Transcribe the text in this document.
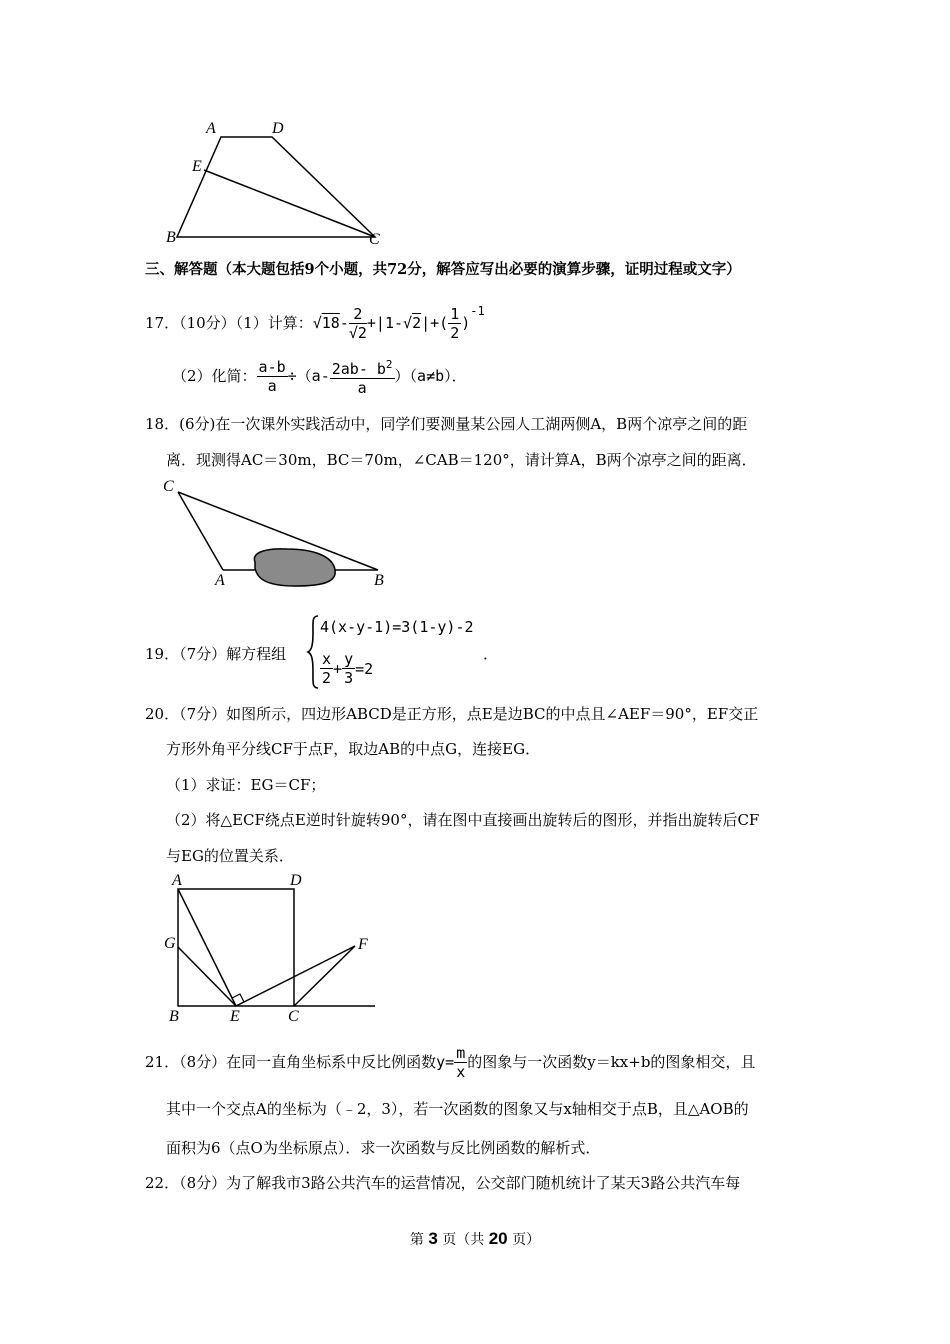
A	D
E
B	C
三、解答题（本大题包括9个小题，共72分，解答应写出必要的演算步骤，证明过程或文字）
17．（10分）（1）计算： $√18 - \frac{2}{√2}$ +| 1- √2| +( $\frac{1}{2}$ )
-1
（2）化简： $\frac{a-b}{a} \div(a- \frac{2ab- b^2}{a} )(a\ne b)$．
18．(6分)在一次课外实践活动中，同学们要测量某公园人工湖两侧A，B两个凉亭之间的距
离．现测得AC＝30m，BC＝70m，∠CAB＝120°，请计算A，B两个凉亭之间的距离．
C
A	B
19．（7分）解方程组
4(x-y-1)=3(1-y)-2
$\frac{x}{2} + \frac{y}{3} =2$
．
20．（7分）如图所示，四边形ABCD是正方形，点E是边BC的中点且∠AEF＝90°，EF交正
方形外角平分线CF于点F，取边AB的中点G，连接EG．
（1）求证：EG＝CF；
（2）将△ECF绕点E逆时针旋转90°，请在图中直接画出旋转后的图形，并指出旋转后CF
与EG的位置关系．
A	D
G	F
B	E	C
21．（8分）在同一直角坐标系中反比例函数 $y= \frac{m}{x}$ 的图象与一次函数y＝kx+b的图象相交，且
其中一个交点A的坐标为（﹣2，3），若一次函数的图象又与x轴相交于点B，且△AOB的
面积为6（点O为坐标原点）．求一次函数与反比例函数的解析式．
22．（8分）为了解我市3路公共汽车的运营情况，公交部门随机统计了某天3路公共汽车每
第 3 页（共 20 页）
